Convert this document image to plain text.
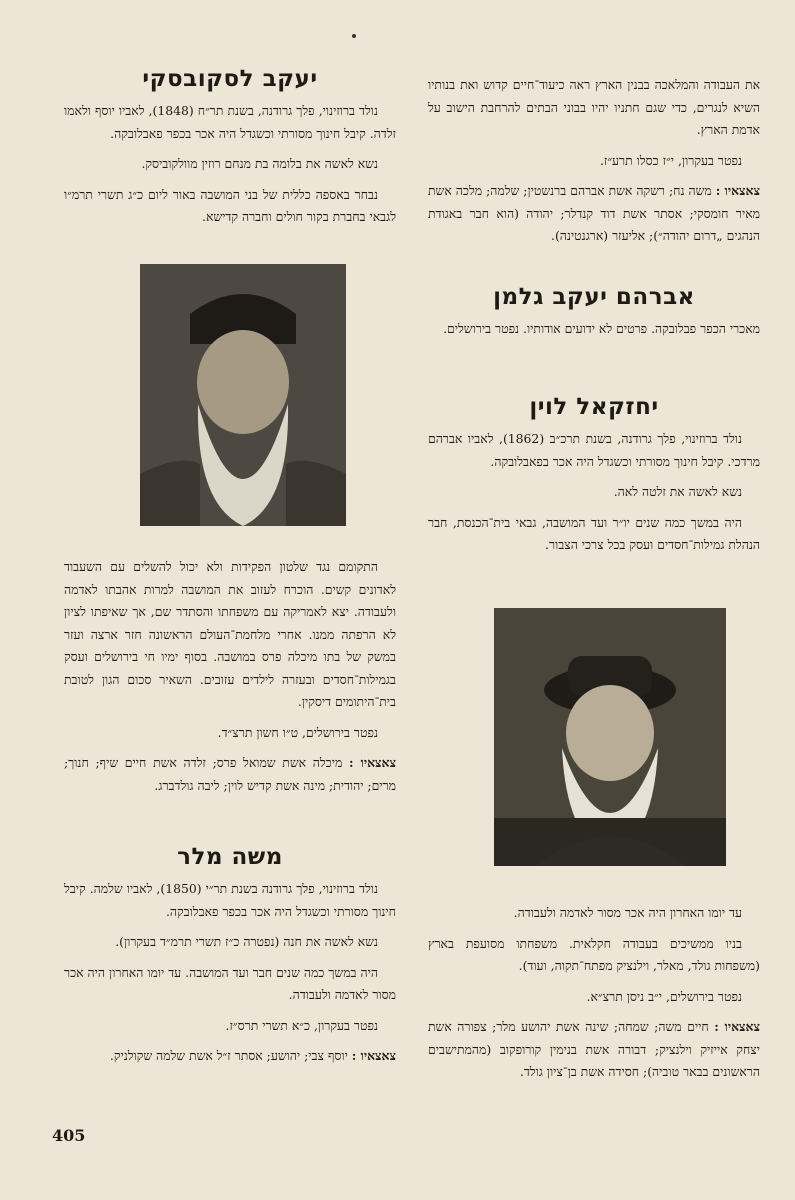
את העבודה והמלאכה בבנין הארץ ראה כיעוד־חיים קדוש ואת בנותיו השיא לנגרים, כדי שגם חתניו יהיו בבוני הבתים להרחבת הישוב על אדמת הארץ.

נפטר בעקרון, י״ז כסלו תרע״ז.

צאצאיו : משה נח; רשקה אשת אברהם ברנשטין; שלמה; מלכה אשת מאיר חומסקי; אסתר אשת דוד קנדלר; יהודה (הוא חבר באגודת הנהגים „דרום יהודה״); אליעזר (ארגנטינה).

אברהם יעקב גלמן

מאכרי הכפר פבלובקה. פרטים לא ידועים אודותיו. נפטר בירושלים.

יחזקאל לוין

נולד ברוזינוי, פלך גרודנה, בשנת תרכ״ב (1862), לאביו אברהם מרדכי. קיבל חינוך מסורתי וכשגדל היה אכר בפאבלובקה.

נשא לאשה את זלטה לאה.

היה במשך כמה שנים יו״ר ועד המושבה, גבאי בית־הכנסת, חבר הנהלת גמילות־חסדים ועסק בכל צרכי הצבור.

עד יומו האחרון היה אכר מסור לאדמה ולעבודה.

בניו ממשיכים בעבודה חקלאית. משפחתו מסועפת בארץ (משפחות גולד, מאלר, וילנציק מפתח־תקוה, ועוד).

נפטר בירושלים, י״ב ניסן תרצ״א.

צאצאיו : חיים משה; שמחה; שינה אשת יהושע מלר; צפורה אשת יצחק אייזיק וילנציק; דבורה אשת בנימין קורופקוב (מהמתישבים הראשונים בבאר טוביה); חסידה אשת בן־ציון גולד.

יעקב לסקובסקי

נולד ברוזינוי, פלך גרודנה, בשנת תר״ח (1848), לאביו יוסף ולאמו זלדה. קיבל חינוך מסורתי וכשגדל היה אכר בכפר פאבלובקה.

נשא לאשה את בלומה בת מנחם רוזין מוולקוביסק.

נבחר באספה כללית של בני המושבה באור ליום כ״ג תשרי תרמ״ו לגבאי בחברת בקור חולים וחברה קדישא.

התקומם נגד שלטון הפקידות ולא יכול להשלים עם השעבוד לאדונים קשים. הוכרח לעזוב את המושבה למרות אהבתו לאדמה ולעבודה. יצא לאמריקה עם משפחתו והסתדר שם, אך שאיפתו לציון לא הרפתה ממנו. אחרי מלחמת־העולם הראשונה חזר ארצה ועזר במשק של בתו מיכלה פרס במושבה. בסוף ימיו חי בירושלים ועסק בגמילות־חסדים ובעזרה לילדים עזובים. השאיר סכום הגון לטובת בית־היתומים דיסקין.

נפטר בירושלים, ט״ו חשון תרצ״ד.

צאצאיו : מיכלה אשת שמואל פרס; זלדה אשת חיים שיף; חנוך; מרים; יהודית; מינה אשת קדיש לוין; ליבה גולדברג.

משה מלר

נולד ברוזינוי, פלך גרודנה בשנת תר״י (1850), לאביו שלמה. קיבל חינוך מסורתי וכשגדל היה אכר בכפר פאבלובקה.

נשא לאשה את חנה (נפטרה כ״ז תשרי תרמ״ד בעקרון).

היה במשך כמה שנים חבר ועד המושבה. עד יומו האחרון היה אכר מסור לאדמה ולעבודה.

נפטר בעקרון, כ״א תשרי תרס״ז.

צאצאיו : יוסף צבי; יהושע; אסתר ז״ל אשת שלמה שקולניק.

405
